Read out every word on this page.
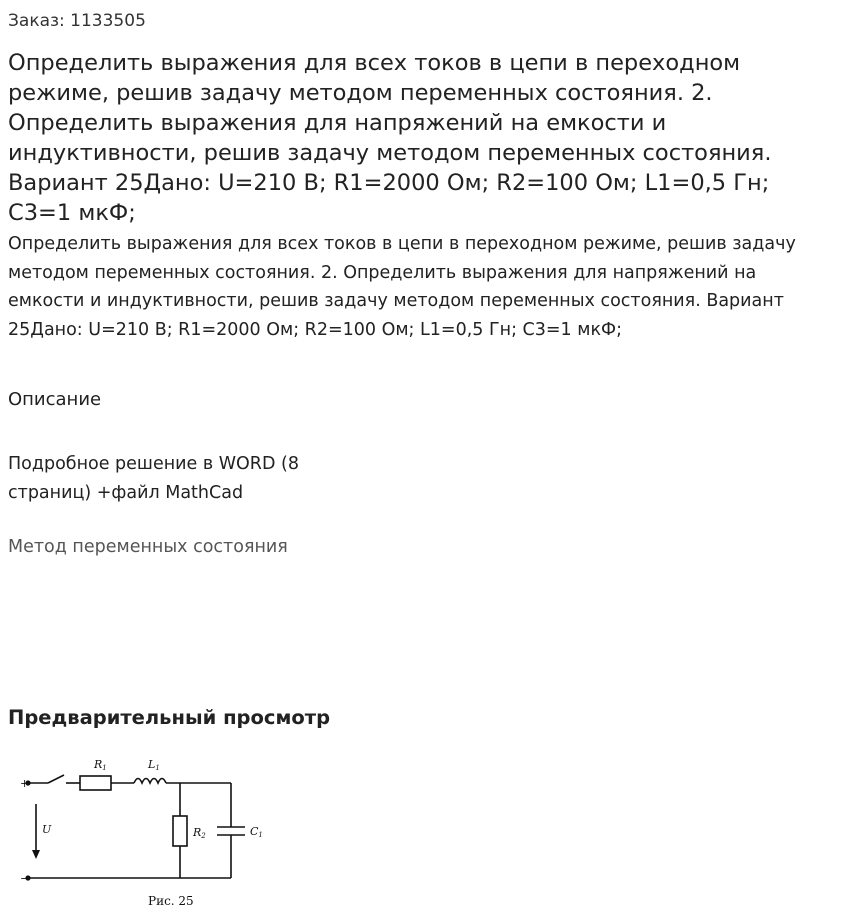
Заказ: 1133505
Определить выражения для всех токов в цепи в переходном режиме, решив задачу методом переменных состояния. 2. Определить выражения для напряжений на емкости и индуктивности, решив задачу методом переменных состояния. Вариант 25Дано: U=210 В; R1=2000 Ом; R2=100 Ом; L1=0,5 Гн; C3=1 мкФ;

Определить выражения для всех токов в цепи в переходном режиме, решив задачу методом переменных состояния. 2. Определить выражения для напряжений на емкости и индуктивности, решив задачу методом переменных состояния. Вариант 25Дано: U=210 В; R1=2000 Ом; R2=100 Ом; L1=0,5 Гн; C3=1 мкФ;

Описание
Подробное решение в WORD (8 страниц) +файл MathCad
Метод переменных состояния
Предварительный просмотр
+
−
R1	L1
R2	C1
U
Рис. 25
